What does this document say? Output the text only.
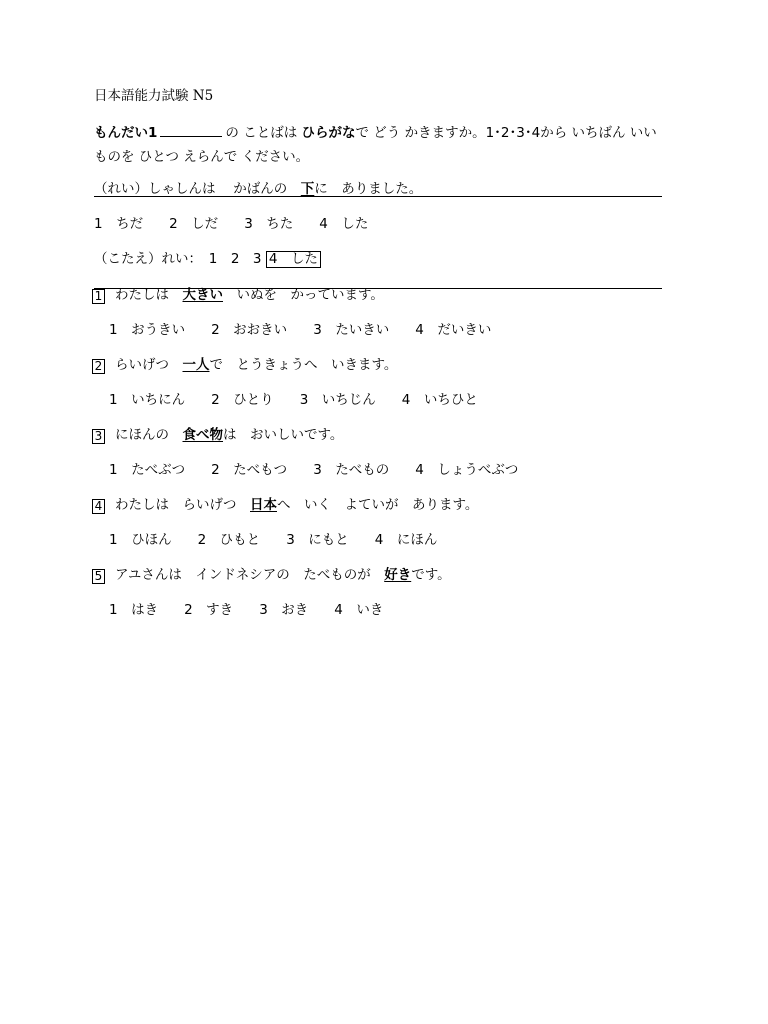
日本語能力試験 N5
もんだい1	の ことばは ひらがなで どう かきますか。1･2･3･4から いちばん いい
ものを ひとつ えらんで ください。
（れい）しゃしんは　 かばんの　下に　ありました。
1　ちだ 2　しだ 3　ちた 4　した
（こたえ）れい：　1　2　3 4　した
1 わたしは　大きい　いぬを　かっています。
1　おうきい 2　おおきい 3　たいきい 4　だいきい
2 らいげつ　一人で　とうきょうへ　いきます。
1　いちにん 2　ひとり 3　いちじん 4　いちひと
3 にほんの　食べ物は　おいしいです。
1　たべぶつ 2　たべもつ 3　たべもの 4　しょうべぶつ
4 わたしは　らいげつ　日本へ　いく　よていが　あります。
1　ひほん 2　ひもと 3　にもと 4　にほん
5 アユさんは　インドネシアの　たべものが　好きです。
1　はき 2　すき 3　おき 4　いき
